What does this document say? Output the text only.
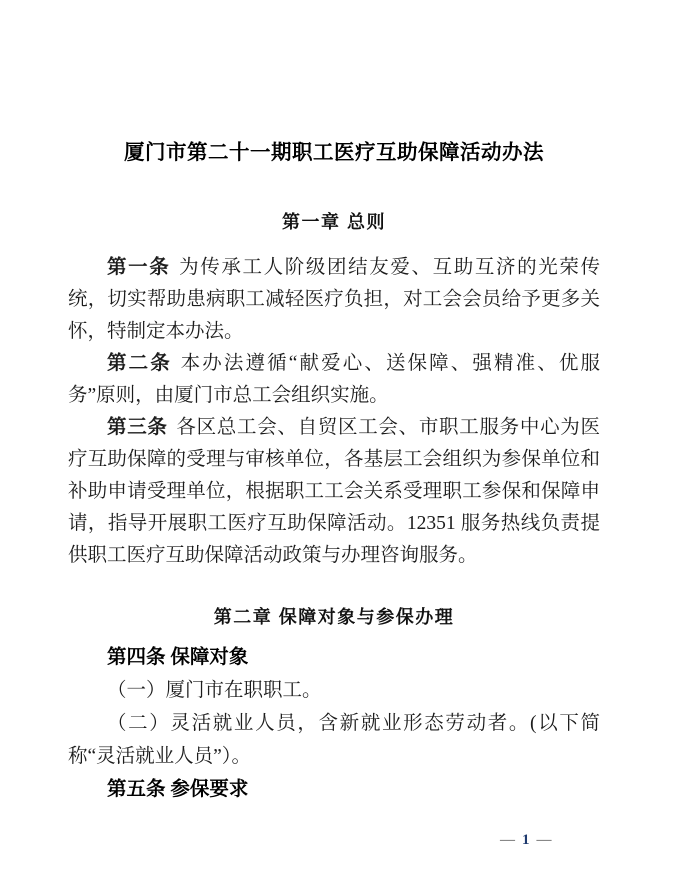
厦门市第二十一期职工医疗互助保障活动办法
第一章 总则

第一条 为传承工人阶级团结友爱、互助互济的光荣传统，切实帮助患病职工减轻医疗负担，对工会会员给予更多关怀，特制定本办法。

第二条 本办法遵循“献爱心、送保障、强精准、优服务”原则，由厦门市总工会组织实施。

第三条 各区总工会、自贸区工会、市职工服务中心为医疗互助保障的受理与审核单位，各基层工会组织为参保单位和补助申请受理单位，根据职工工会关系受理职工参保和保障申请，指导开展职工医疗互助保障活动。12351 服务热线负责提供职工医疗互助保障活动政策与办理咨询服务。

第二章 保障对象与参保办理

第四条 保障对象

（一）厦门市在职职工。

（二）灵活就业人员，含新就业形态劳动者。(以下简称“灵活就业人员”）。

第五条 参保要求

— 1 —
